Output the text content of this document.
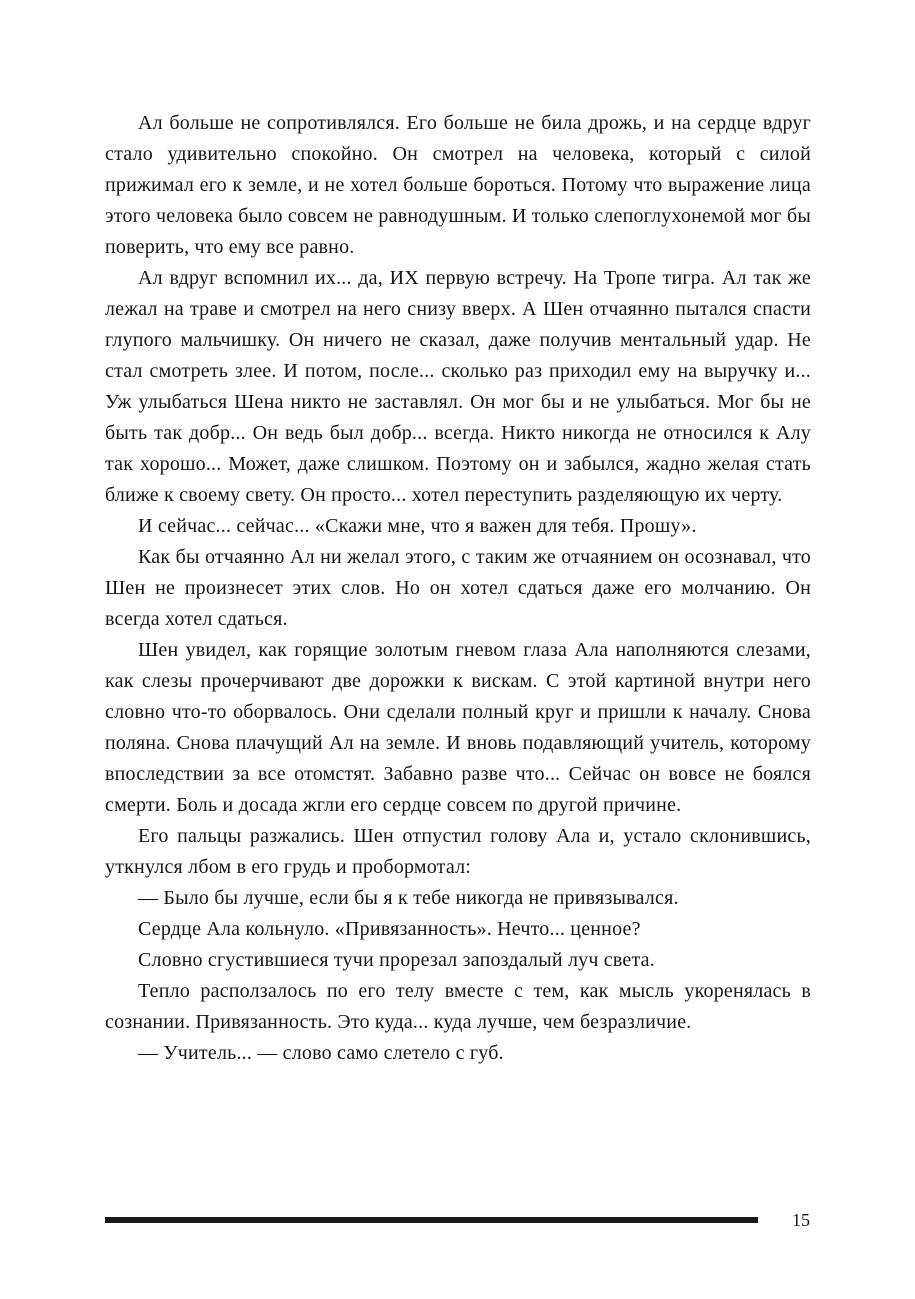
Ал больше не сопротивлялся. Его больше не била дрожь, и на сердце вдруг стало удивительно спокойно. Он смотрел на человека, который с силой прижимал его к земле, и не хотел больше бороться. Потому что выражение лица этого человека было совсем не равнодушным. И только слепоглухонемой мог бы поверить, что ему все равно.

Ал вдруг вспомнил их... да, ИХ первую встречу. На Тропе тигра. Ал так же лежал на траве и смотрел на него снизу вверх. А Шен отчаянно пытался спасти глупого мальчишку. Он ничего не сказал, даже получив ментальный удар. Не стал смотреть злее. И потом, после... сколько раз приходил ему на выручку и... Уж улыбаться Шена никто не заставлял. Он мог бы и не улыбаться. Мог бы не быть так добр... Он ведь был добр... всегда. Никто никогда не относился к Алу так хорошо... Может, даже слишком. Поэтому он и забылся, жадно желая стать ближе к своему свету. Он просто... хотел переступить разделяющую их черту.

И сейчас... сейчас... «Скажи мне, что я важен для тебя. Прошу».

Как бы отчаянно Ал ни желал этого, с таким же отчаянием он осознавал, что Шен не произнесет этих слов. Но он хотел сдаться даже его молчанию. Он всегда хотел сдаться.

Шен увидел, как горящие золотым гневом глаза Ала наполняются слезами, как слезы прочерчивают две дорожки к вискам. С этой картиной внутри него словно что-то оборвалось. Они сделали полный круг и пришли к началу. Снова поляна. Снова плачущий Ал на земле. И вновь подавляющий учитель, которому впоследствии за все отомстят. Забавно разве что... Сейчас он вовсе не боялся смерти. Боль и досада жгли его сердце совсем по другой причине.

Его пальцы разжались. Шен отпустил голову Ала и, устало склонившись, уткнулся лбом в его грудь и пробормотал:

— Было бы лучше, если бы я к тебе никогда не привязывался.

Сердце Ала кольнуло. «Привязанность». Нечто... ценное?

Словно сгустившиеся тучи прорезал запоздалый луч света.

Тепло расползалось по его телу вместе с тем, как мысль укоренялась в сознании. Привязанность. Это куда... куда лучше, чем безразличие.

— Учитель... — слово само слетело с губ.

15
